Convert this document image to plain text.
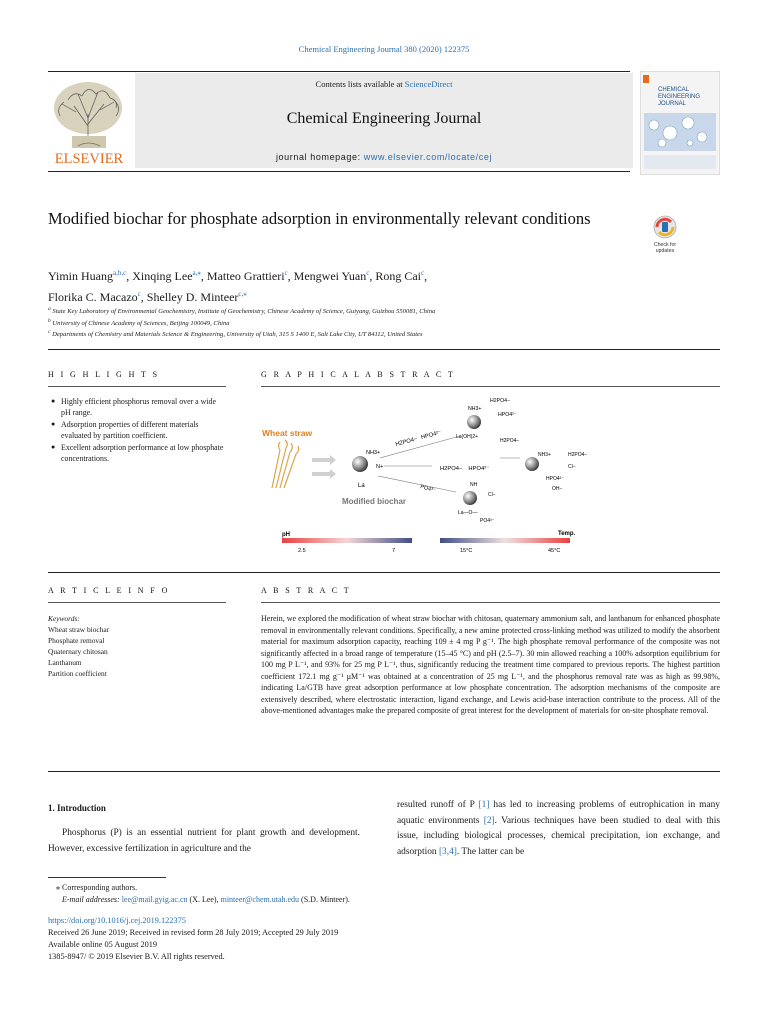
Chemical Engineering Journal 380 (2020) 122375
ELSEVIER
Contents lists available at ScienceDirect
Chemical Engineering Journal
journal homepage: www.elsevier.com/locate/cej
CHEMICAL
ENGINEERING
JOURNAL
Modified biochar for phosphate adsorption in environmentally relevant conditions
Check for
updates
Yimin Huang$^{a,b,c}$, Xinqing Lee$^{a,⁎}$, Matteo Grattieri$^c$, Mengwei Yuan$^c$, Rong Cai$^c$,
Florika C. Macazo$^c$, Shelley D. Minteer$^{c,⁎}$
$^a$ State Key Laboratory of Environmental Geochemistry, Institute of Geochemistry, Chinese Academy of Science, Guiyang, Guizhou 550081, China
$^b$ University of Chinese Academy of Sciences, Beijing 100049, China
$^c$ Departments of Chemistry and Materials Science & Engineering, University of Utah, 315 S 1400 E, Salt Lake City, UT 84112, United States
H I G H L I G H T S	G R A P H I C A L A B S T R A C T
● Highly efficient phosphorus removal over a wide pH range.
● Adsorption properties of different materials evaluated by partition coefficient.
● Excellent adsorption performance at low phosphate concentrations.
Wheat straw
La
NH3+
N+
Modified biochar
H2PO4−HPO4²⁻
NH3+
H2PO4−
HPO4²⁻
La(OH)2+
H2PO4−
H2PO4− HPO4²⁻
NH3+	H2PO4−
Cl−
HPO4²⁻
OH−
PO4³⁻	NH
Cl−
La—O—
PO4³⁻
pH
2.5	7
Temp.
15°C	45°C
A R T I C L E I N F O	A B S T R A C T
Keywords:
Wheat straw biochar
Phosphate removal
Quaternary chitosan
Lanthanum
Partition coefficient
Herein, we explored the modification of wheat straw biochar with chitosan, quaternary ammonium salt, and lanthanum for enhanced phosphate removal in environmentally relevant conditions. Specifically, a new amine protected cross-linking method was utilized to modify the absorbent material for maximum adsorption capacity, reaching 109 ± 4 mg P g⁻¹. The high phosphate removal performance of the composite was not significantly affected in a broad range of temperature (15–45 °C) and pH (2.5–7). 30 min allowed reaching a 100% adsorption equilibrium for 100 mg P L⁻¹, and 93% for 25 mg P L⁻¹, thus, significantly reducing the treatment time compared to previous reports. The highest partition coefficient 172.1 mg g⁻¹ μM⁻¹ was obtained at a concentration of 25 mg L⁻¹, and the phosphorus removal rate was as high as 99.98%, indicating La/GTB have great adsorption performance at low phosphate concentration. The adsorption mechanisms of the composite are extensively described, where electrostatic interaction, ligand exchange, and Lewis acid-base interaction contribute to the process. All of the above-mentioned advantages make the prepared composite of great interest for the development of materials for on-site phosphate removal.
1. Introduction
Phosphorus (P) is an essential nutrient for plant growth and development. However, excessive fertilization in agriculture and the
resulted runoff of P [1] has led to increasing problems of eutrophication in many aquatic environments [2]. Various techniques have been studied to deal with this issue, including biological processes, chemical precipitation, ion exchange, and adsorption [3,4]. The latter can be
⁎ Corresponding authors.
E-mail addresses: lee@mail.gyig.ac.cn (X. Lee), minteer@chem.utah.edu (S.D. Minteer).
https://doi.org/10.1016/j.cej.2019.122375
Received 26 June 2019; Received in revised form 28 July 2019; Accepted 29 July 2019
Available online 05 August 2019
1385-8947/ © 2019 Elsevier B.V. All rights reserved.
